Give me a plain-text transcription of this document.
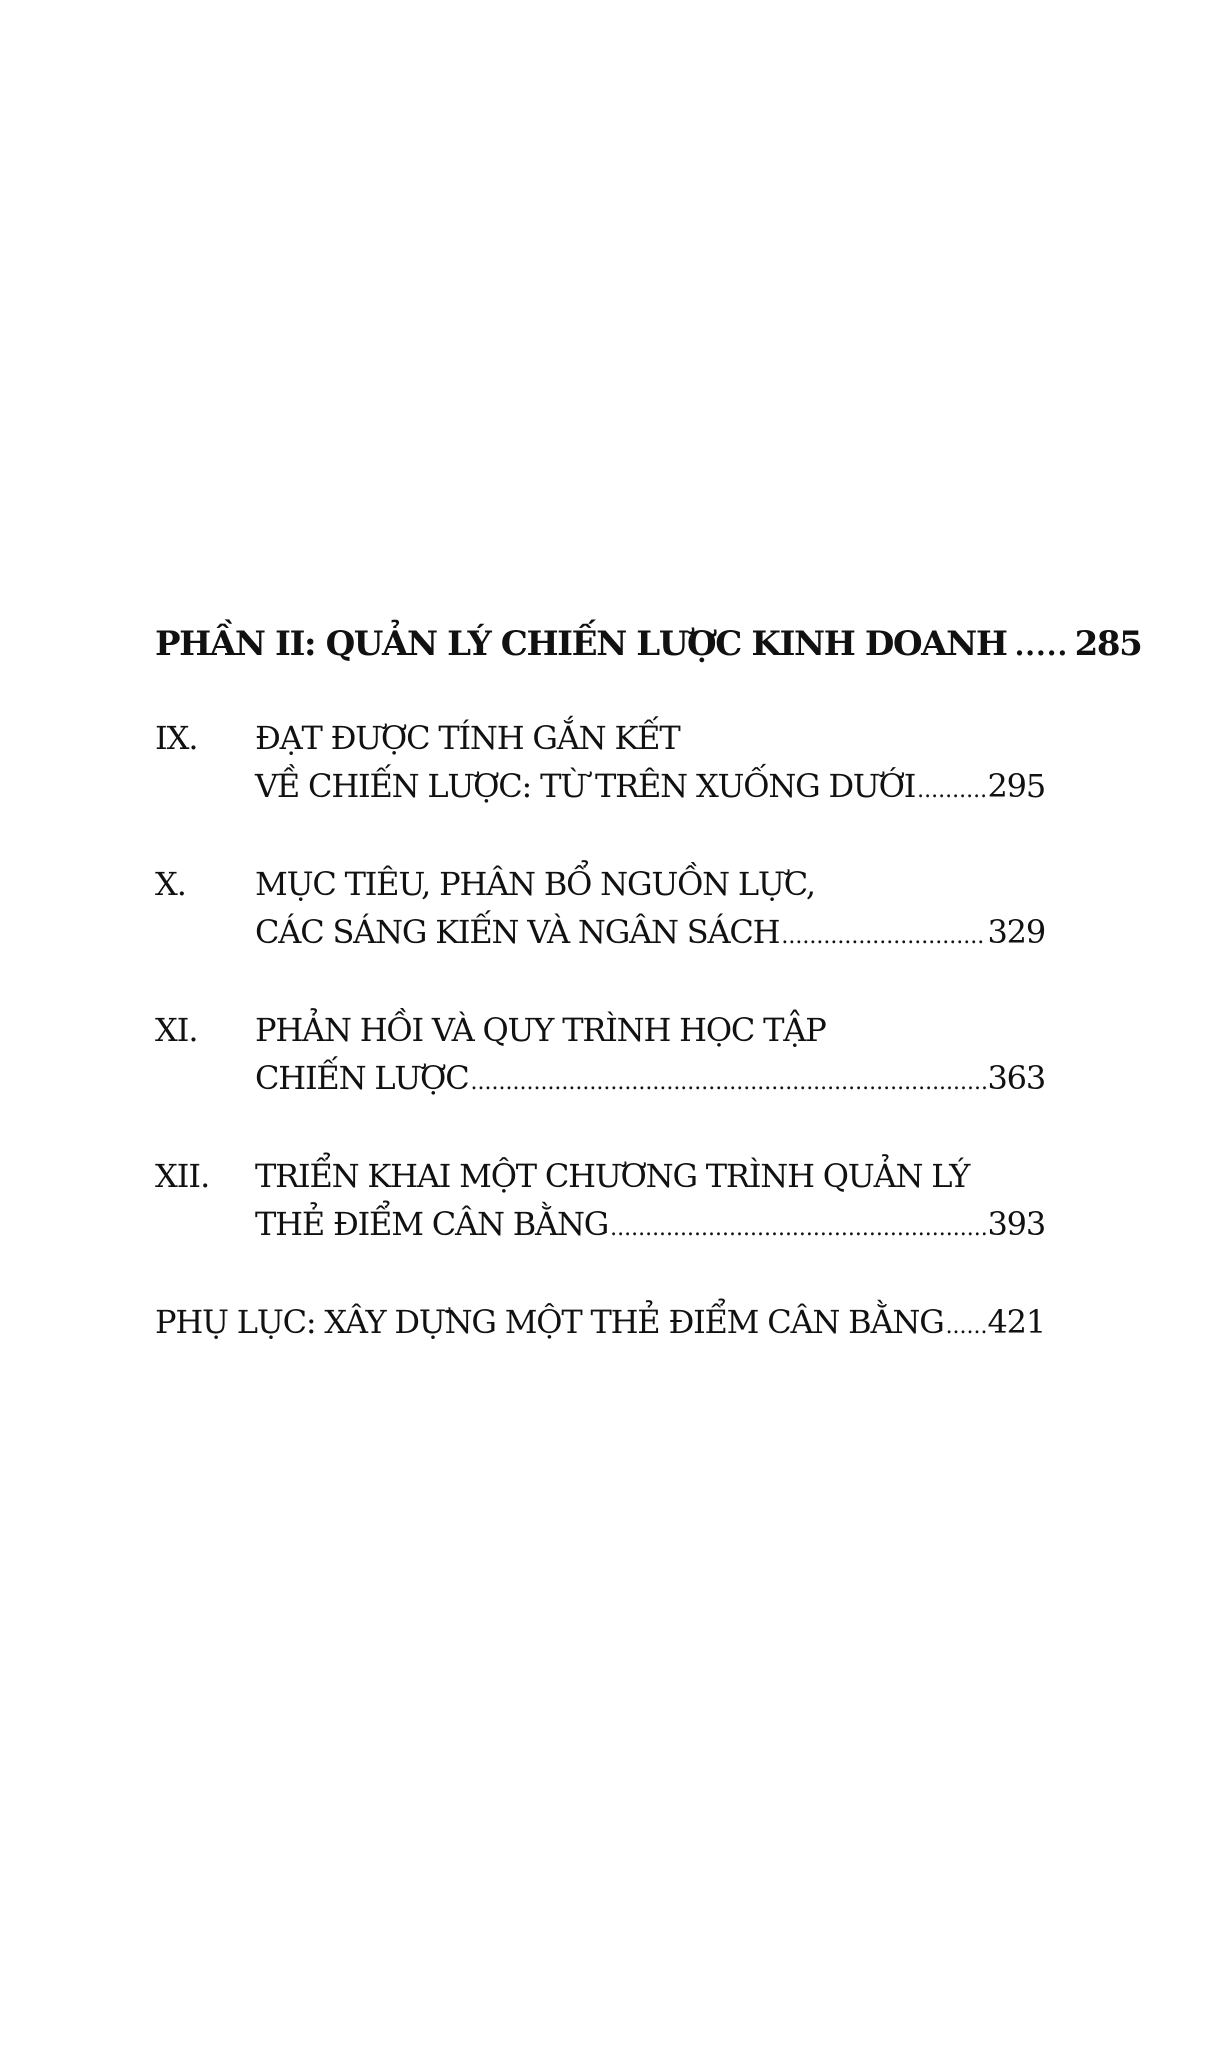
PHẦN II: QUẢN LÝ CHIẾN LƯỢC KINH DOANH ..... 285
IX.	ĐẠT ĐƯỢC TÍNH GẮN KẾT
VỀ CHIẾN LƯỢC: TỪ TRÊN XUỐNG DƯỚI ..... 295
X.	MỤC TIÊU, PHÂN BỔ NGUỒN LỰC,
CÁC SÁNG KIẾN VÀ NGÂN SÁCH .....	329
XI.	PHẢN HỒI VÀ QUY TRÌNH HỌC TẬP
CHIẾN LƯỢC .....	363
XII.	TRIỂN KHAI MỘT CHƯƠNG TRÌNH QUẢN LÝ
THẺ ĐIỂM CÂN BẰNG .....	393
PHỤ LỤC: XÂY DỰNG MỘT THẺ ĐIỂM CÂN BẰNG ..... 421
